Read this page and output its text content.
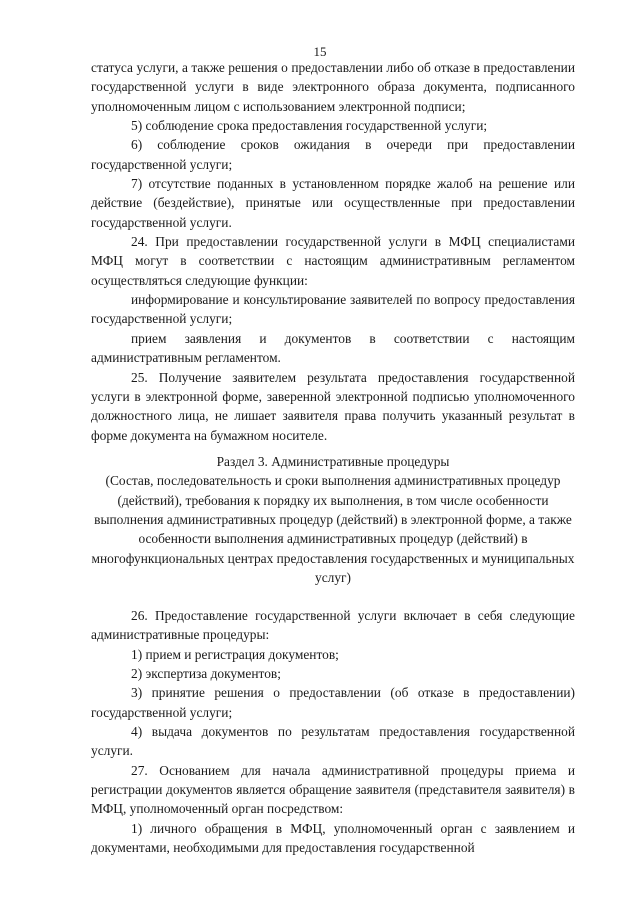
15

статуса услуги, а также решения о предоставлении либо об отказе в предоставлении государственной услуги в виде электронного образа документа, подписанного уполномоченным лицом с использованием электронной подписи;

5) соблюдение срока предоставления государственной услуги;

6) соблюдение сроков ожидания в очереди при предоставлении государственной услуги;

7) отсутствие поданных в установленном порядке жалоб на решение или действие (бездействие), принятые или осуществленные при предоставлении государственной услуги.

24. При предоставлении государственной услуги в МФЦ специалистами МФЦ могут в соответствии с настоящим административным регламентом осуществляться следующие функции:

информирование и консультирование заявителей по вопросу предоставления государственной услуги;

прием заявления и документов в соответствии с настоящим административным регламентом.

25. Получение заявителем результата предоставления государственной услуги в электронной форме, заверенной электронной подписью уполномоченного должностного лица, не лишает заявителя права получить указанный результат в форме документа на бумажном носителе.

Раздел 3. Административные процедуры
(Состав, последовательность и сроки выполнения административных процедур (действий), требования к порядку их выполнения, в том числе особенности выполнения административных процедур (действий) в электронной форме, а также особенности выполнения административных процедур (действий) в многофункциональных центрах предоставления государственных и муниципальных услуг)

26. Предоставление государственной услуги включает в себя следующие административные процедуры:

1) прием и регистрация документов;

2) экспертиза документов;

3) принятие решения о предоставлении (об отказе в предоставлении) государственной услуги;

4) выдача документов по результатам предоставления государственной услуги.

27. Основанием для начала административной процедуры приема и регистрации документов является обращение заявителя (представителя заявителя) в МФЦ, уполномоченный орган посредством:

1) личного обращения в МФЦ, уполномоченный орган с заявлением и документами, необходимыми для предоставления государственной
